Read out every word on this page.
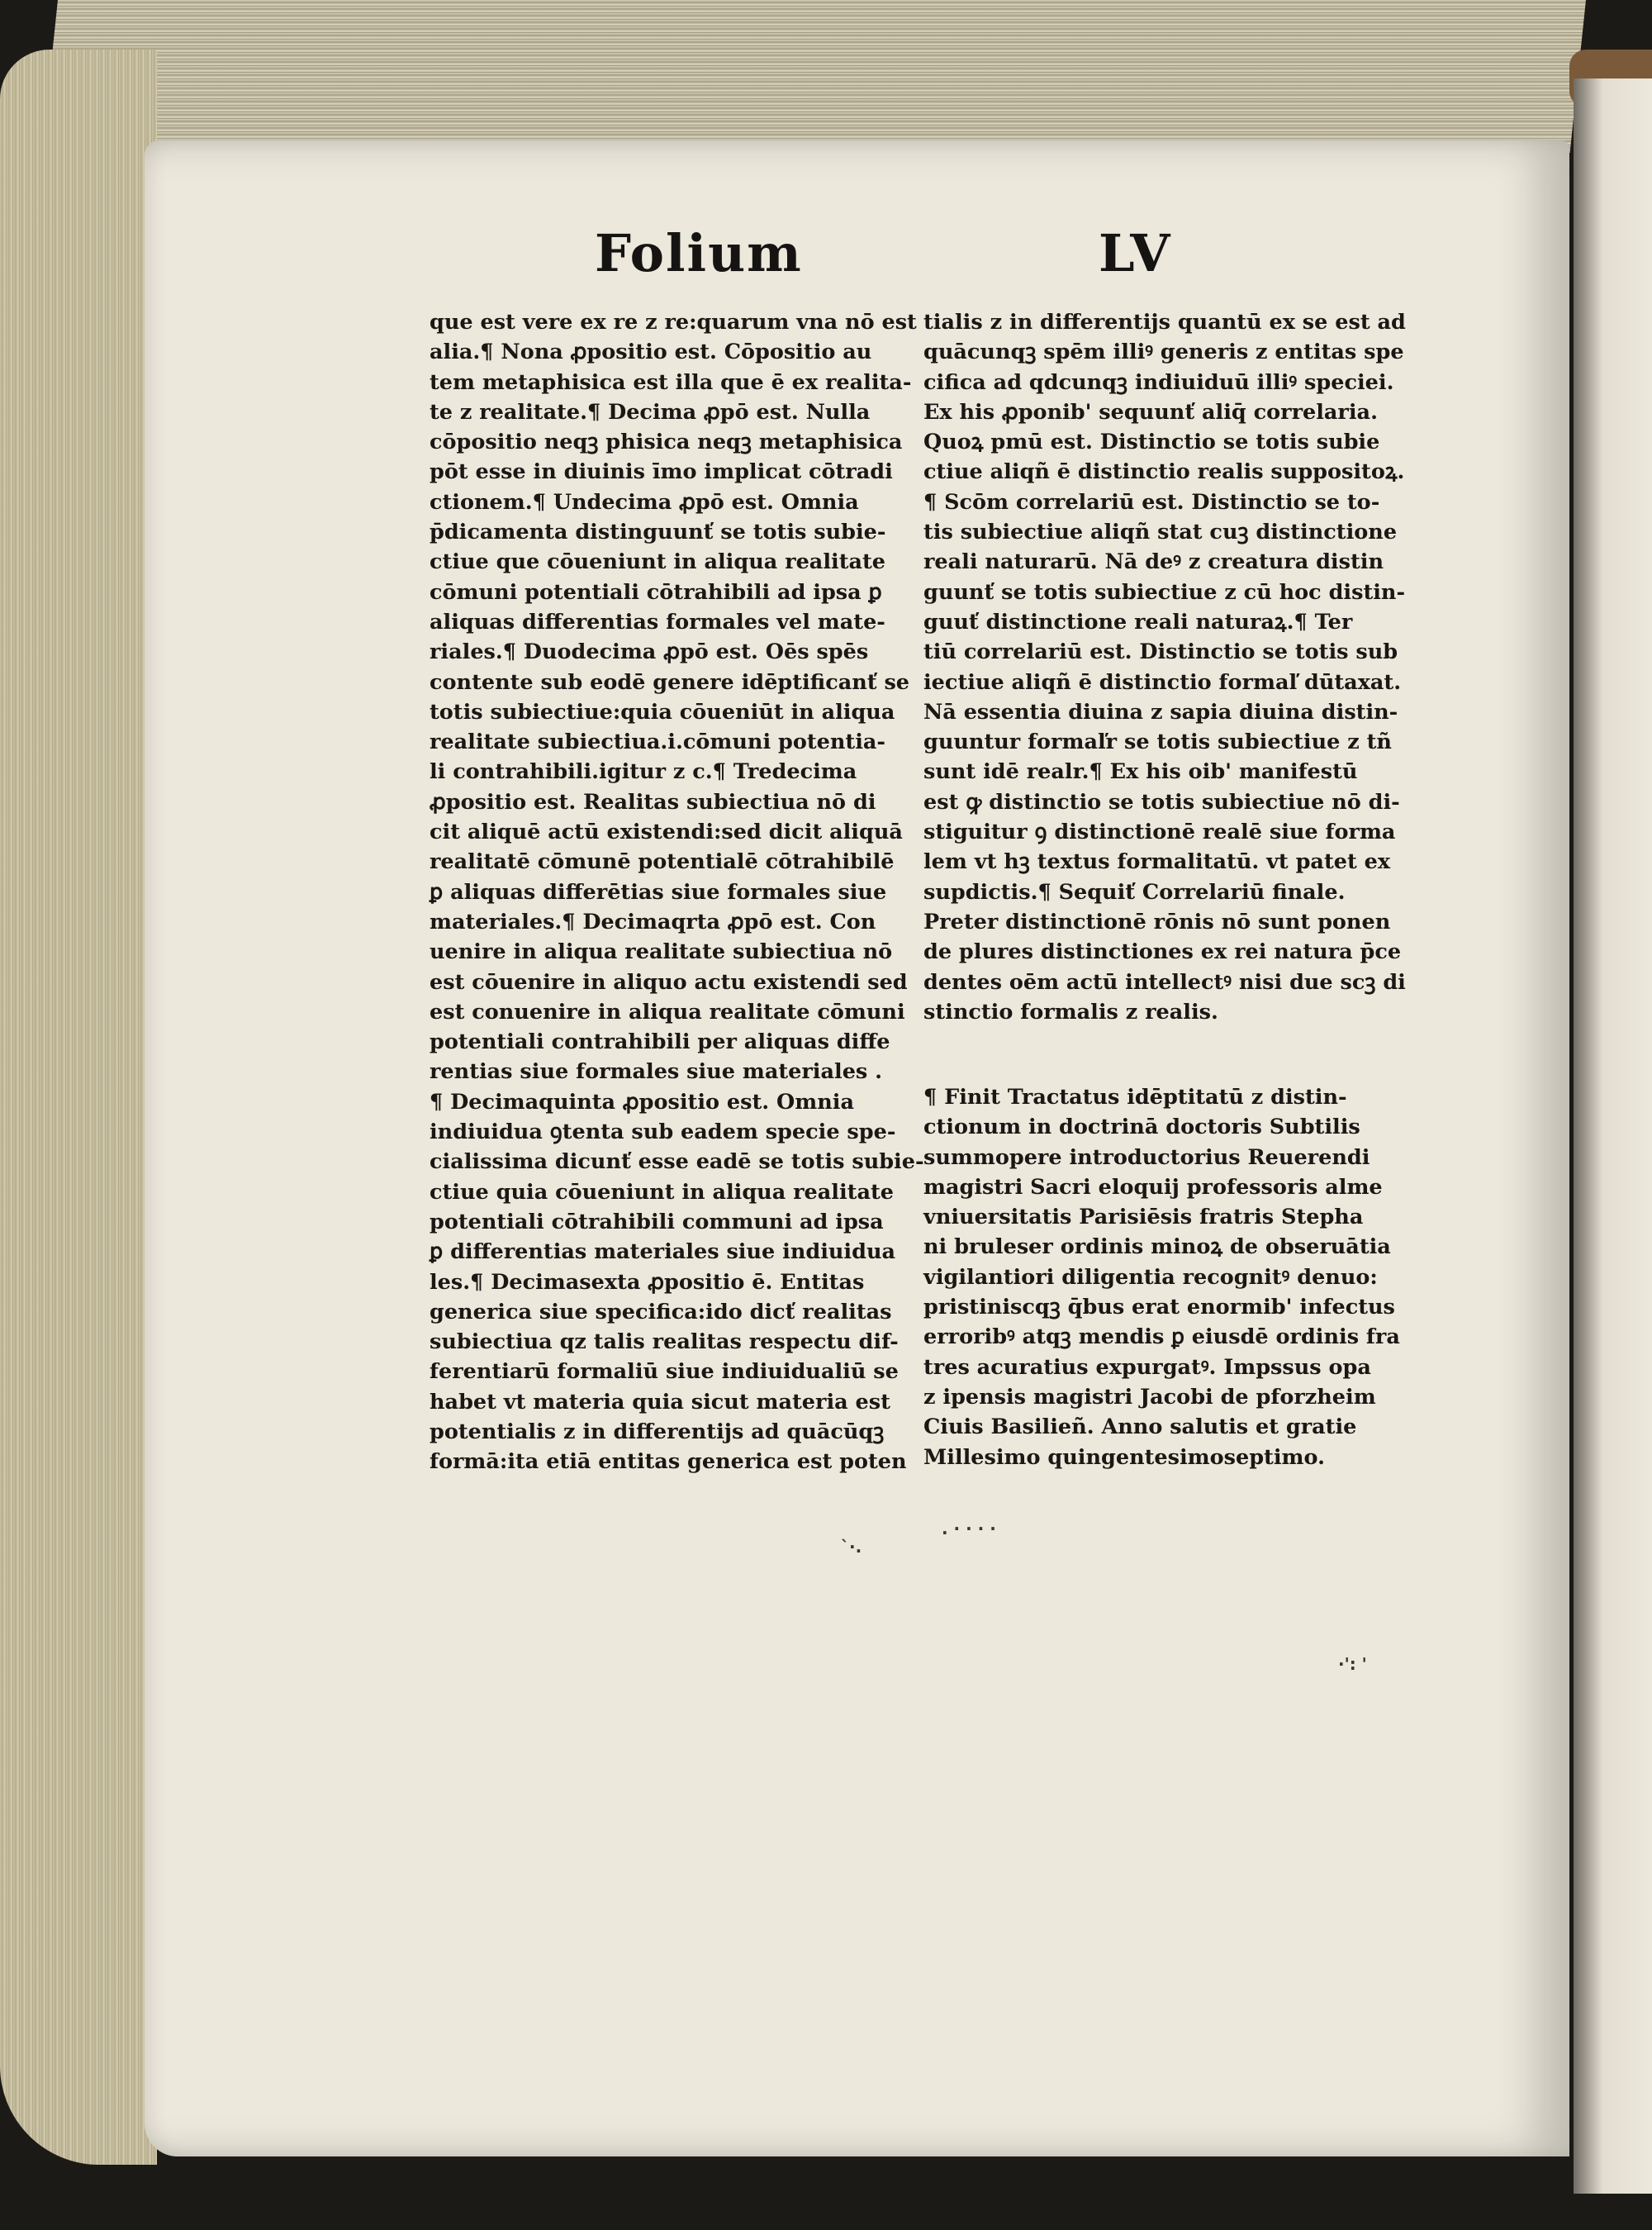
Folium	LV
que est vere ex re z re:quarum vna nō est
alia.¶ Nona ꝓpositio est. Cōpositio au
tem metaphisica est illa que ē ex realita-
te z realitate.¶ Decima ꝓpō est. Nulla
cōpositio neqꝫ phisica neqꝫ metaphisica
pōt esse in diuinis īmo implicat cōtradi
ctionem.¶ Undecima ꝓpō est. Omnia
p̄dicamenta distinguunť se totis subie-
ctiue que cōueniunt in aliqua realitate
cōmuni potentiali cōtrahibili ad ipsa ꝑ
aliquas differentias formales vel mate-
riales.¶ Duodecima ꝓpō est. Oēs spēs
contente sub eodē genere idēptificanť se
totis subiectiue:quia cōueniūt in aliqua
realitate subiectiua.i.cōmuni potentia-
li contrahibili.igitur z c.¶ Tredecima
ꝓpositio est. Realitas subiectiua nō di
cit aliquē actū existendi:sed dicit aliquā
realitatē cōmunē potentialē cōtrahibilē
ꝑ aliquas differētias siue formales siue
materiales.¶ Decimaqrta ꝓpō est. Con
uenire in aliqua realitate subiectiua nō
est cōuenire in aliquo actu existendi sed
est conuenire in aliqua realitate cōmuni
potentiali contrahibili per aliquas diffe
rentias siue formales siue materiales .
¶ Decimaquinta ꝓpositio est. Omnia
indiuidua ꝯtenta sub eadem specie spe-
cialissima dicunť esse eadē se totis subie-
ctiue quia cōueniunt in aliqua realitate
potentiali cōtrahibili communi ad ipsa
ꝑ differentias materiales siue indiuidua
les.¶ Decimasexta ꝓpositio ē. Entitas
generica siue specifica:ido dicť realitas
subiectiua qz talis realitas respectu dif-
ferentiarū formaliū siue indiuidualiū se
habet vt materia quia sicut materia est
potentialis z in differentijs ad quācūqꝫ
formā:ita etiā entitas generica est poten
tialis z in differentijs quantū ex se est ad
quācunqꝫ spēm illiꝰ generis z entitas spe
cifica ad qdcunqꝫ indiuiduū illiꝰ speciei.
Ex his ꝓponib' sequunť aliq̄ correlaria.
Quoꝝ pmū est. Distinctio se totis subie
ctiue aliqñ ē distinctio realis suppositoꝝ.
¶ Scōm correlariū est. Distinctio se to-
tis subiectiue aliqñ stat cuꝫ distinctione
reali naturarū. Nā deꝰ z creatura distin
guunť se totis subiectiue z cū hoc distin-
guuť distinctione reali naturaꝝ.¶ Ter
tiū correlariū est. Distinctio se totis sub
iectiue aliqñ ē distinctio formaľ dūtaxat.
Nā essentia diuina z sapia diuina distin-
guuntur formaľr se totis subiectiue z tñ
sunt idē realr.¶ Ex his oib' manifestū
est ꝙ distinctio se totis subiectiue nō di-
stiguitur ꝯ distinctionē realē siue forma
lem vt hꝫ textus formalitatū. vt patet ex
supdictis.¶ Sequiť Correlariū finale.
Preter distinctionē rōnis nō sunt ponen
de plures distinctiones ex rei natura p̄ce
dentes oēm actū intellectꝰ nisi due scꝫ di
stinctio formalis z realis.
¶ Finit Tractatus idēptitatū z distin-
ctionum in doctrinā doctoris Subtilis
summopere introductorius Reuerendi
magistri Sacri eloquij professoris alme
vniuersitatis Parisiēsis fratris Stepha
ni bruleser ordinis minoꝝ de obseruātia
vigilantiori diligentia recognitꝰ denuo:
pristiniscqꝫ q̄bus erat enormib' infectus
erroribꝰ atqꝫ mendis ꝑ eiusdē ordinis fra
tres acuratius expurgatꝰ. Impssus opa
z ipensis magistri Jacobi de pforzheim
Ciuis Basilieñ. Anno salutis et gratie
Millesimo quingentesimoseptimo.
`·.
. · · · ·
·': '
